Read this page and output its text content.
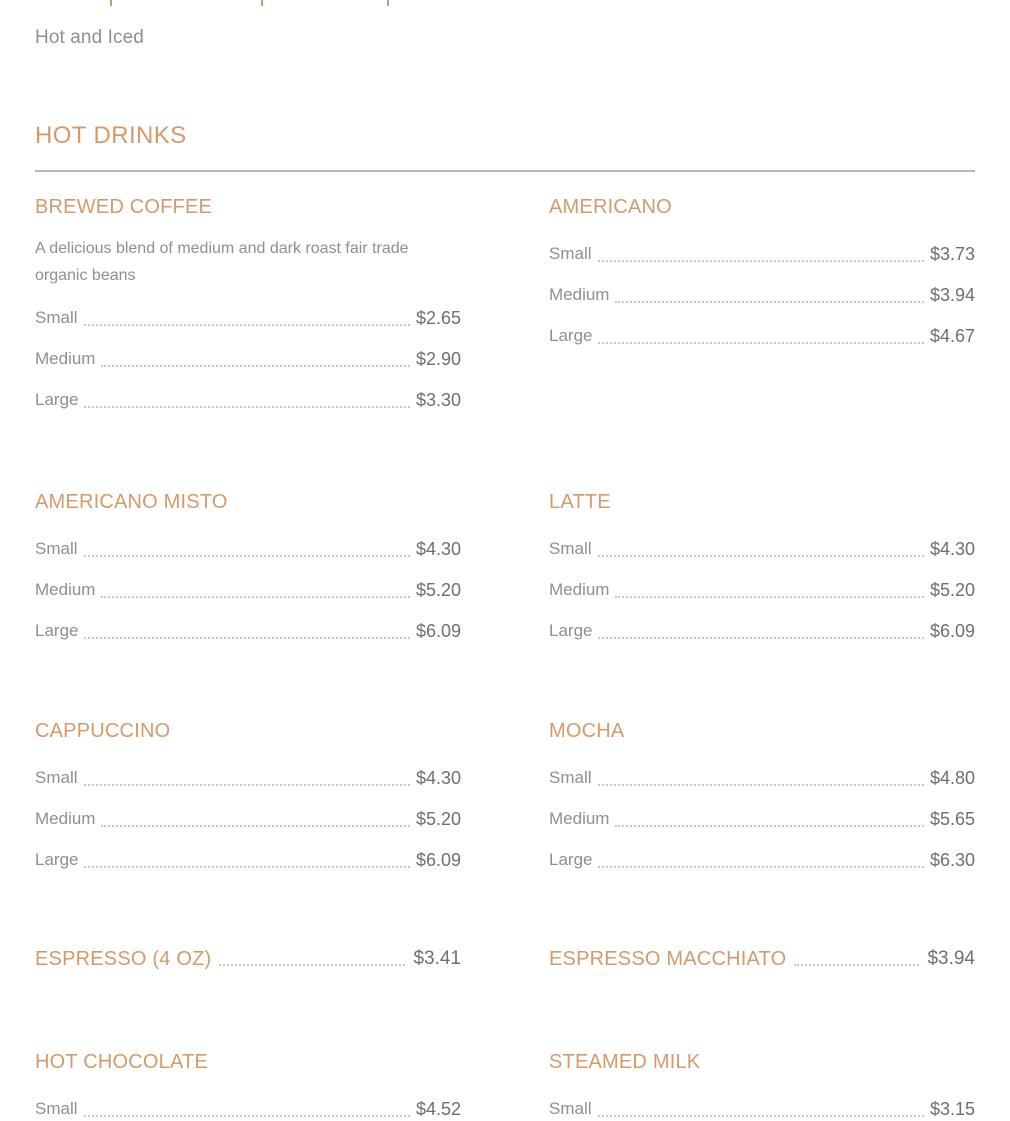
Hot and Iced
HOT DRINKS
BREWED COFFEE
A delicious blend of medium and dark roast fair trade organic beans
Small	$2.65
Medium	$2.90
Large	$3.30
AMERICANO
Small	$3.73
Medium	$3.94
Large	$4.67
AMERICANO MISTO
Small	$4.30
Medium	$5.20
Large	$6.09
LATTE
Small	$4.30
Medium	$5.20
Large	$6.09
CAPPUCCINO
Small	$4.30
Medium	$5.20
Large	$6.09
MOCHA
Small	$4.80
Medium	$5.65
Large	$6.30
ESPRESSO (4 OZ)	$3.41	ESPRESSO MACCHIATO	$3.94
HOT CHOCOLATE
Small	$4.52
STEAMED MILK
Small	$3.15
